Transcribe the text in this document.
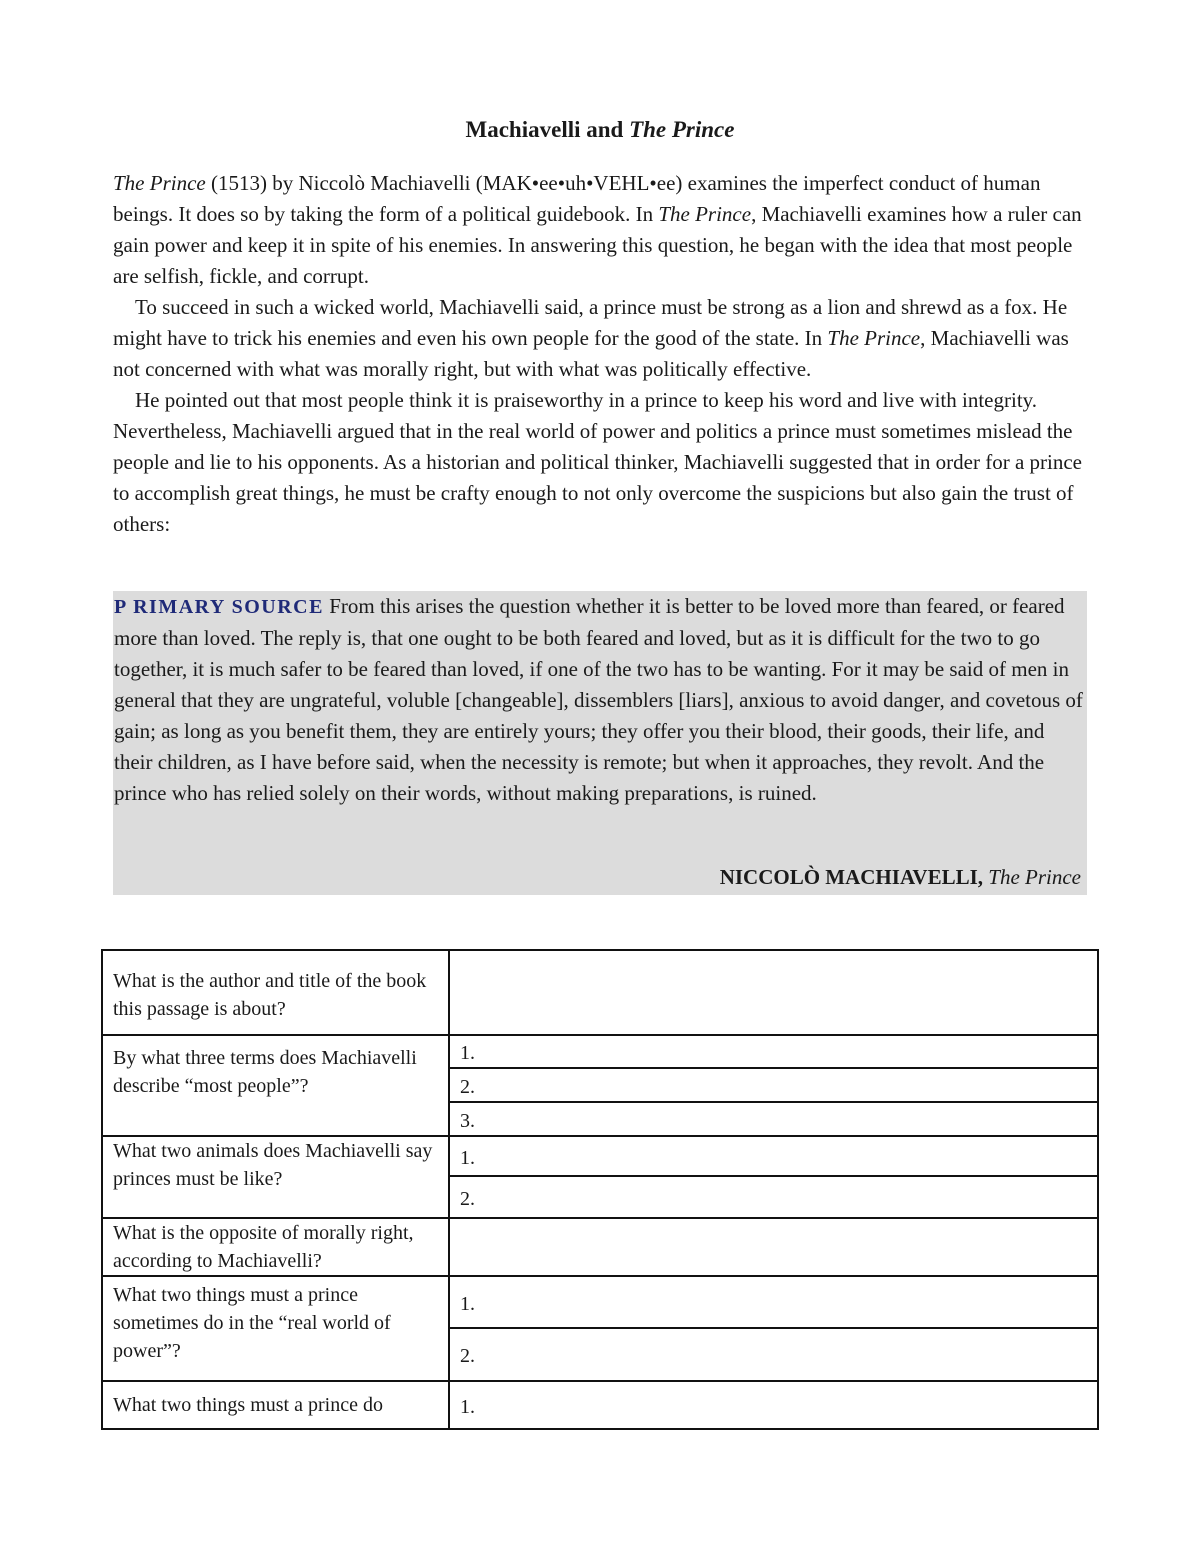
Machiavelli and The Prince

The Prince (1513) by Niccolò Machiavelli (MAK•ee•uh•VEHL•ee) examines the imperfect conduct of human beings. It does so by taking the form of a political guidebook. In The Prince, Machiavelli examines how a ruler can gain power and keep it in spite of his enemies. In answering this question, he began with the idea that most people are selfish, fickle, and corrupt.

To succeed in such a wicked world, Machiavelli said, a prince must be strong as a lion and shrewd as a fox. He might have to trick his enemies and even his own people for the good of the state. In The Prince, Machiavelli was not concerned with what was morally right, but with what was politically effective.

He pointed out that most people think it is praiseworthy in a prince to keep his word and live with integrity. Nevertheless, Machiavelli argued that in the real world of power and politics a prince must sometimes mislead the people and lie to his opponents. As a historian and political thinker, Machiavelli suggested that in order for a prince to accomplish great things, he must be crafty enough to not only overcome the suspicions but also gain the trust of others:

P RIMARY SOURCE From this arises the question whether it is better to be loved more than feared, or feared more than loved. The reply is, that one ought to be both feared and loved, but as it is difficult for the two to go together, it is much safer to be feared than loved, if one of the two has to be wanting. For it may be said of men in general that they are ungrateful, voluble [changeable], dissemblers [liars], anxious to avoid danger, and covetous of gain; as long as you benefit them, they are entirely yours; they offer you their blood, their goods, their life, and their children, as I have before said, when the necessity is remote; but when it approaches, they revolt. And the prince who has relied solely on their words, without making preparations, is ruined.

NICCOLÒ MACHIAVELLI, The Prince
What is the author and title of the book this passage is about?	
By what three terms does Machiavelli describe “most people”?	1.
	2.
	3.
What two animals does Machiavelli say princes must be like?	1.
	2.
What is the opposite of morally right, according to Machiavelli?	
What two things must a prince sometimes do in the “real world of power”?	1.
	2.
What two things must a prince do	1.
